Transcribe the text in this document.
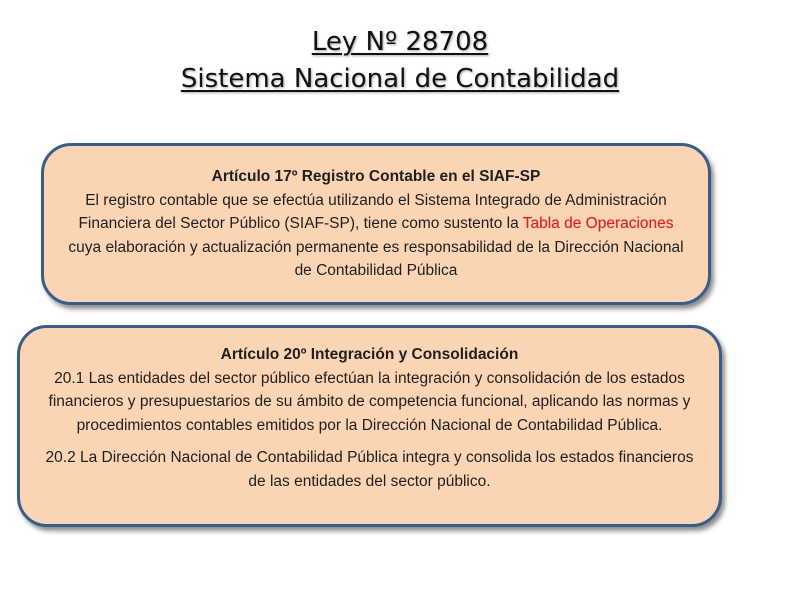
Ley Nº 28708
Sistema Nacional de Contabilidad
Artículo 17º Registro Contable en el SIAF-SP
El registro contable que se efectúa utilizando el Sistema Integrado de Administración Financiera del Sector Público (SIAF-SP), tiene como sustento la Tabla de Operaciones cuya elaboración y actualización permanente es responsabilidad de la Dirección Nacional de Contabilidad Pública
Artículo 20º Integración y Consolidación
20.1 Las entidades del sector público efectúan la integración y consolidación de los estados financieros y presupuestarios de su ámbito de competencia funcional, aplicando las normas y procedimientos contables emitidos por la Dirección Nacional de Contabilidad Pública.
20.2 La Dirección Nacional de Contabilidad Pública integra y consolida los estados financieros de las entidades del sector público.
